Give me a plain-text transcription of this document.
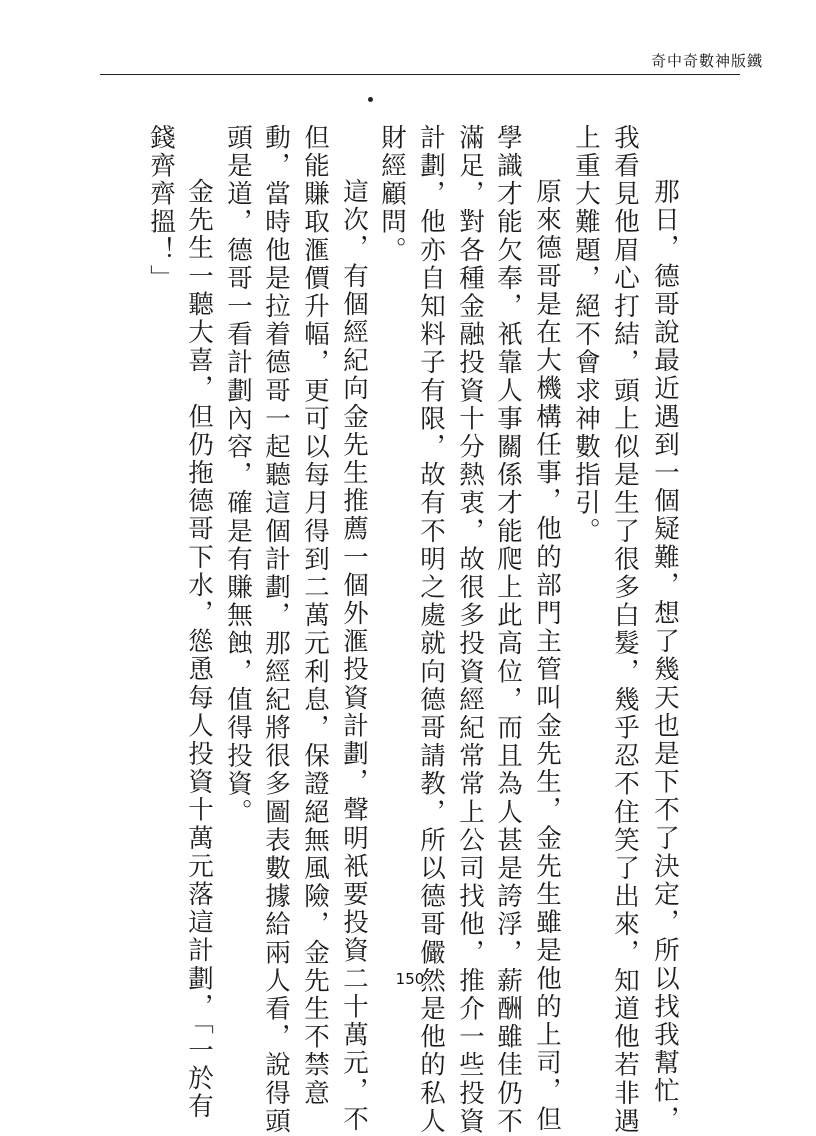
奇中奇數神版鐵
　那日，德哥說最近遇到一個疑難，想了幾天也是下不了決定，所以找我幫忙，
我看見他眉心打結，頭上似是生了很多白髮，幾乎忍不住笑了出來，知道他若非遇
上重大難題，絕不會求神數指引。
　原來德哥是在大機構任事，他的部門主管叫金先生，金先生雖是他的上司，但
學識才能欠奉，衹靠人事關係才能爬上此高位，而且為人甚是誇浮，薪酬雖佳仍不
滿足，對各種金融投資十分熱衷，故很多投資經紀常常上公司找他，推介一些投資
計劃，他亦自知料子有限，故有不明之處就向德哥請教，所以德哥儼然是他的私人
財經顧問。
　這次，有個經紀向金先生推薦一個外滙投資計劃，聲明衹要投資二十萬元，不
但能賺取滙價升幅，更可以每月得到二萬元利息，保證絕無風險，金先生不禁意
動，當時他是拉着德哥一起聽這個計劃，那經紀將很多圖表數據給兩人看，說得頭
頭是道，德哥一看計劃內容，確是有賺無蝕，值得投資。
　金先生一聽大喜，但仍拖德哥下水，慫恿每人投資十萬元落這計劃，「一於有
錢齊齊搵！」
150
